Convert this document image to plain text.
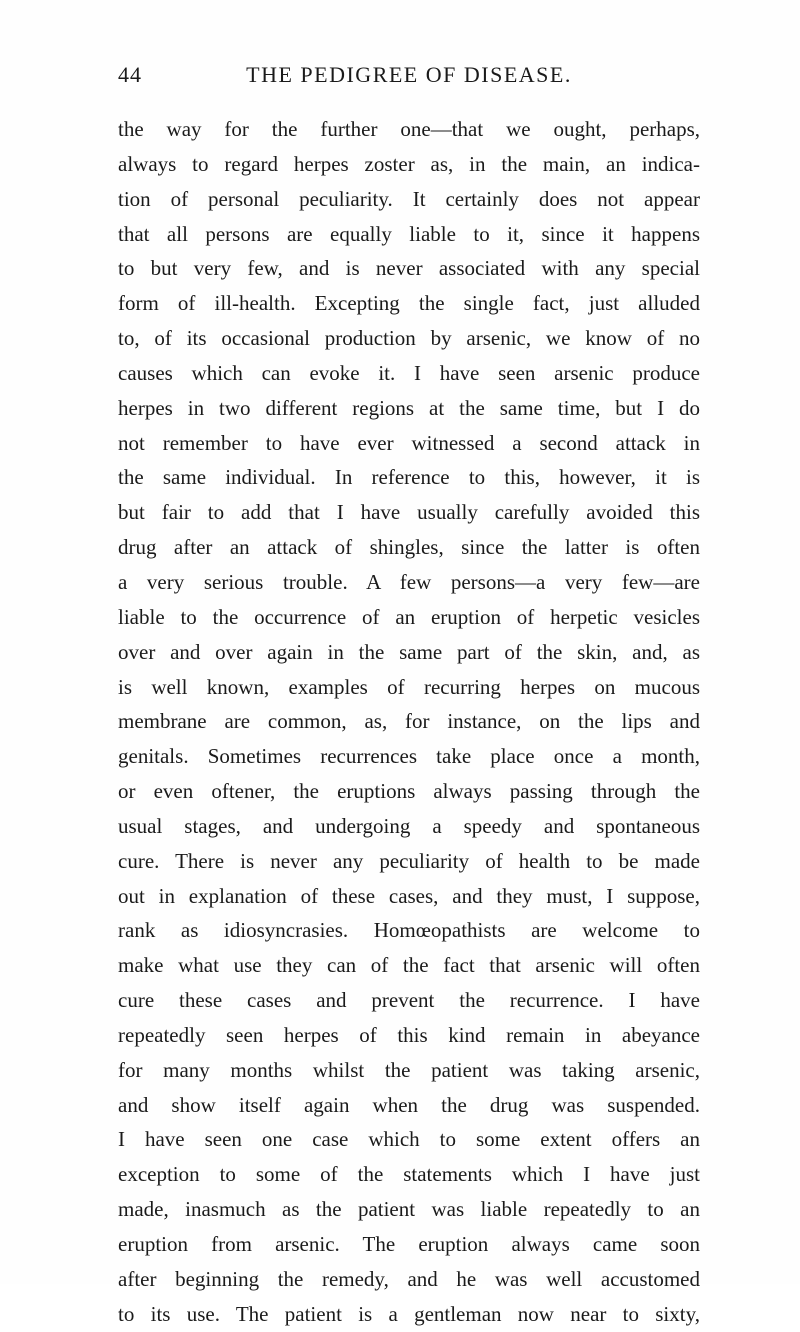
44	THE PEDIGREE OF DISEASE.
the way for the further one—that we ought, perhaps,
always to regard herpes zoster as, in the main, an indica-
tion of personal peculiarity. It certainly does not appear
that all persons are equally liable to it, since it happens
to but very few, and is never associated with any special
form of ill-health. Excepting the single fact, just alluded
to, of its occasional production by arsenic, we know of no
causes which can evoke it. I have seen arsenic produce
herpes in two different regions at the same time, but I do
not remember to have ever witnessed a second attack in
the same individual. In reference to this, however, it is
but fair to add that I have usually carefully avoided this
drug after an attack of shingles, since the latter is often
a very serious trouble. A few persons—a very few—are
liable to the occurrence of an eruption of herpetic vesicles
over and over again in the same part of the skin, and, as
is well known, examples of recurring herpes on mucous
membrane are common, as, for instance, on the lips and
genitals. Sometimes recurrences take place once a month,
or even oftener, the eruptions always passing through the
usual stages, and undergoing a speedy and spontaneous
cure. There is never any peculiarity of health to be made
out in explanation of these cases, and they must, I suppose,
rank as idiosyncrasies. Homœopathists are welcome to
make what use they can of the fact that arsenic will often
cure these cases and prevent the recurrence. I have
repeatedly seen herpes of this kind remain in abeyance
for many months whilst the patient was taking arsenic,
and show itself again when the drug was suspended.
I have seen one case which to some extent offers an
exception to some of the statements which I have just
made, inasmuch as the patient was liable repeatedly to an
eruption from arsenic. The eruption always came soon
after beginning the remedy, and he was well accustomed
to its use. The patient is a gentleman now near to sixty,
